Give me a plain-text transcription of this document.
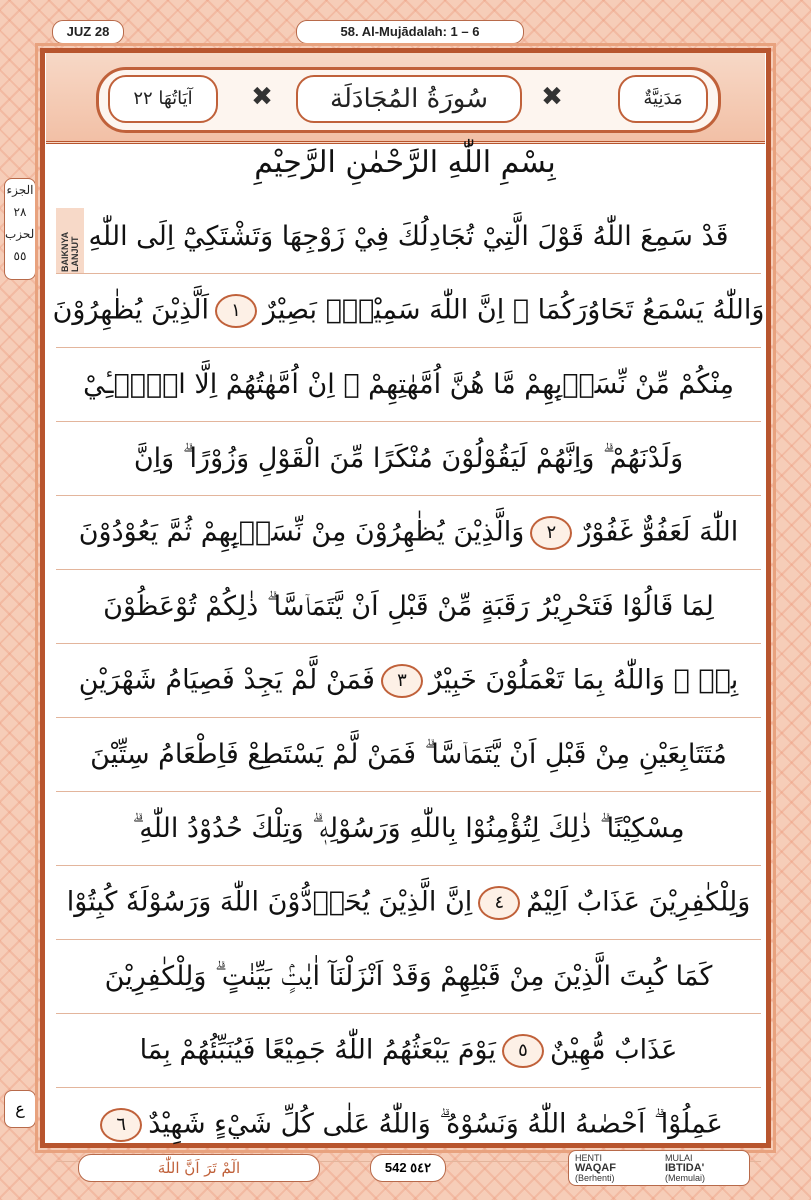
JUZ 28	58. Al-Mujādalah: 1 – 6
الجزء ٢٨
الحزب ٥٥
ع
مَدَنِيَّةٌ
✖
سُورَةُ المُجَادَلَة
✖
آيَاتُهَا ٢٢
بِسْمِ اللّٰهِ الرَّحْمٰنِ الرَّحِيْمِ
قَدْ سَمِعَ اللّٰهُ قَوْلَ الَّتِيْ تُجَادِلُكَ فِيْ زَوْجِهَا وَتَشْتَكِيْٓ اِلَى اللّٰهِ
BAIKNYA LANJUT
وَاللّٰهُ يَسْمَعُ تَحَاوُرَكُمَا ۗ اِنَّ اللّٰهَ سَمِيْعٌۢ بَصِيْرٌ١اَلَّذِيْنَ يُظٰهِرُوْنَ
مِنْكُمْ مِّنْ نِّسَاۤىِٕهِمْ مَّا هُنَّ اُمَّهٰتِهِمْ ۗ اِنْ اُمَّهٰتُهُمْ اِلَّا الّٰۤـِٔيْ
وَلَدْنَهُمْ ۗ وَاِنَّهُمْ لَيَقُوْلُوْنَ مُنْكَرًا مِّنَ الْقَوْلِ وَزُوْرًا ۗ وَاِنَّ
اللّٰهَ لَعَفُوٌّ غَفُوْرٌ٢وَالَّذِيْنَ يُظٰهِرُوْنَ مِنْ نِّسَاۤىِٕهِمْ ثُمَّ يَعُوْدُوْنَ
لِمَا قَالُوْا فَتَحْرِيْرُ رَقَبَةٍ مِّنْ قَبْلِ اَنْ يَّتَمَاۤسَّا ۗ ذٰلِكُمْ تُوْعَظُوْنَ
بِهٖ ۗ وَاللّٰهُ بِمَا تَعْمَلُوْنَ خَبِيْرٌ٣فَمَنْ لَّمْ يَجِدْ فَصِيَامُ شَهْرَيْنِ
مُتَتَابِعَيْنِ مِنْ قَبْلِ اَنْ يَّتَمَاۤسَّا ۗ فَمَنْ لَّمْ يَسْتَطِعْ فَاِطْعَامُ سِتِّيْنَ
مِسْكِيْنًا ۗ ذٰلِكَ لِتُؤْمِنُوْا بِاللّٰهِ وَرَسُوْلِهٖ ۗ وَتِلْكَ حُدُوْدُ اللّٰهِ ۗ
وَلِلْكٰفِرِيْنَ عَذَابٌ اَلِيْمٌ٤اِنَّ الَّذِيْنَ يُحَاۤدُّوْنَ اللّٰهَ وَرَسُوْلَهٗ كُبِتُوْا
كَمَا كُبِتَ الَّذِيْنَ مِنْ قَبْلِهِمْ وَقَدْ اَنْزَلْنَآ اٰيٰتٍۢ بَيِّنٰتٍ ۗ وَلِلْكٰفِرِيْنَ
عَذَابٌ مُّهِيْنٌ٥يَوْمَ يَبْعَثُهُمُ اللّٰهُ جَمِيْعًا فَيُنَبِّئُهُمْ بِمَا
عَمِلُوْا ۗ اَحْصٰىهُ اللّٰهُ وَنَسُوْهُ ۗ وَاللّٰهُ عَلٰى كُلِّ شَيْءٍ شَهِيْدٌ٦
الٓمْ تَرَ اَنَّ اللّٰهَ	542 ٥٤٢
HENTI
WAQAF
(Berhenti)
MULAI
IBTIDA'
(Memulai)
